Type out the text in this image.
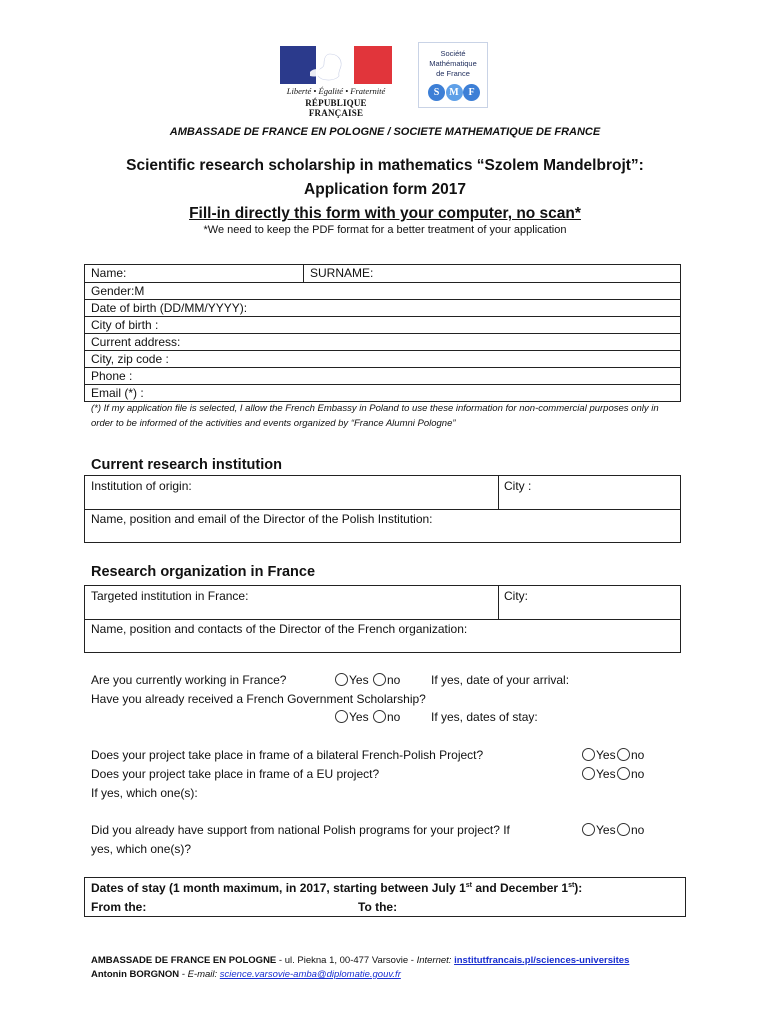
Liberté • Égalité • Fraternité
RÉPUBLIQUE FRANÇAISE
Société
Mathématique
de France
S M F
AMBASSADE DE FRANCE EN POLOGNE / SOCIETE MATHEMATIQUE DE FRANCE
Scientific research scholarship in mathematics “Szolem Mandelbrojt”:
Application form 2017
Fill-in directly this form with your computer, no scan*
*We need to keep the PDF format for a better treatment of your application
Name:	SURNAME:
Gender:M
Date of birth (DD/MM/YYYY):
City of birth :
Current address:
City, zip code :
Phone :
Email (*) :
(*) If my application file is selected, I allow the French Embassy in Poland to use these information for non-commercial purposes only in order to be informed of the activities and events organized by “France Alumni Pologne”
Current research institution
Institution of origin:	City :
Name, position and email of the Director of the Polish Institution:
Research organization in France
Targeted institution in France:	City:
Name, position and contacts of the Director of the French organization:
Are you currently working in France?	Yes	no	If yes, date of your arrival:
Have you already received a French Government Scholarship?
Yes	no	If yes, dates of stay:
Does your project take place in frame of a bilateral French-Polish Project?	Yes	no
Does your project take place in frame of a EU project?	Yes	no
If yes, which one(s):
Did you already have support from national Polish programs for your project? If
yes, which one(s)?
Yes	no
Dates of stay (1 month maximum, in 2017, starting between July 1st and December 1st):
From the:	To the:
AMBASSADE DE FRANCE EN POLOGNE - ul. Piekna 1, 00-477 Varsovie - Internet: institutfrancais.pl/sciences-universites
Antonin BORGNON - E-mail: science.varsovie-amba@diplomatie.gouv.fr
